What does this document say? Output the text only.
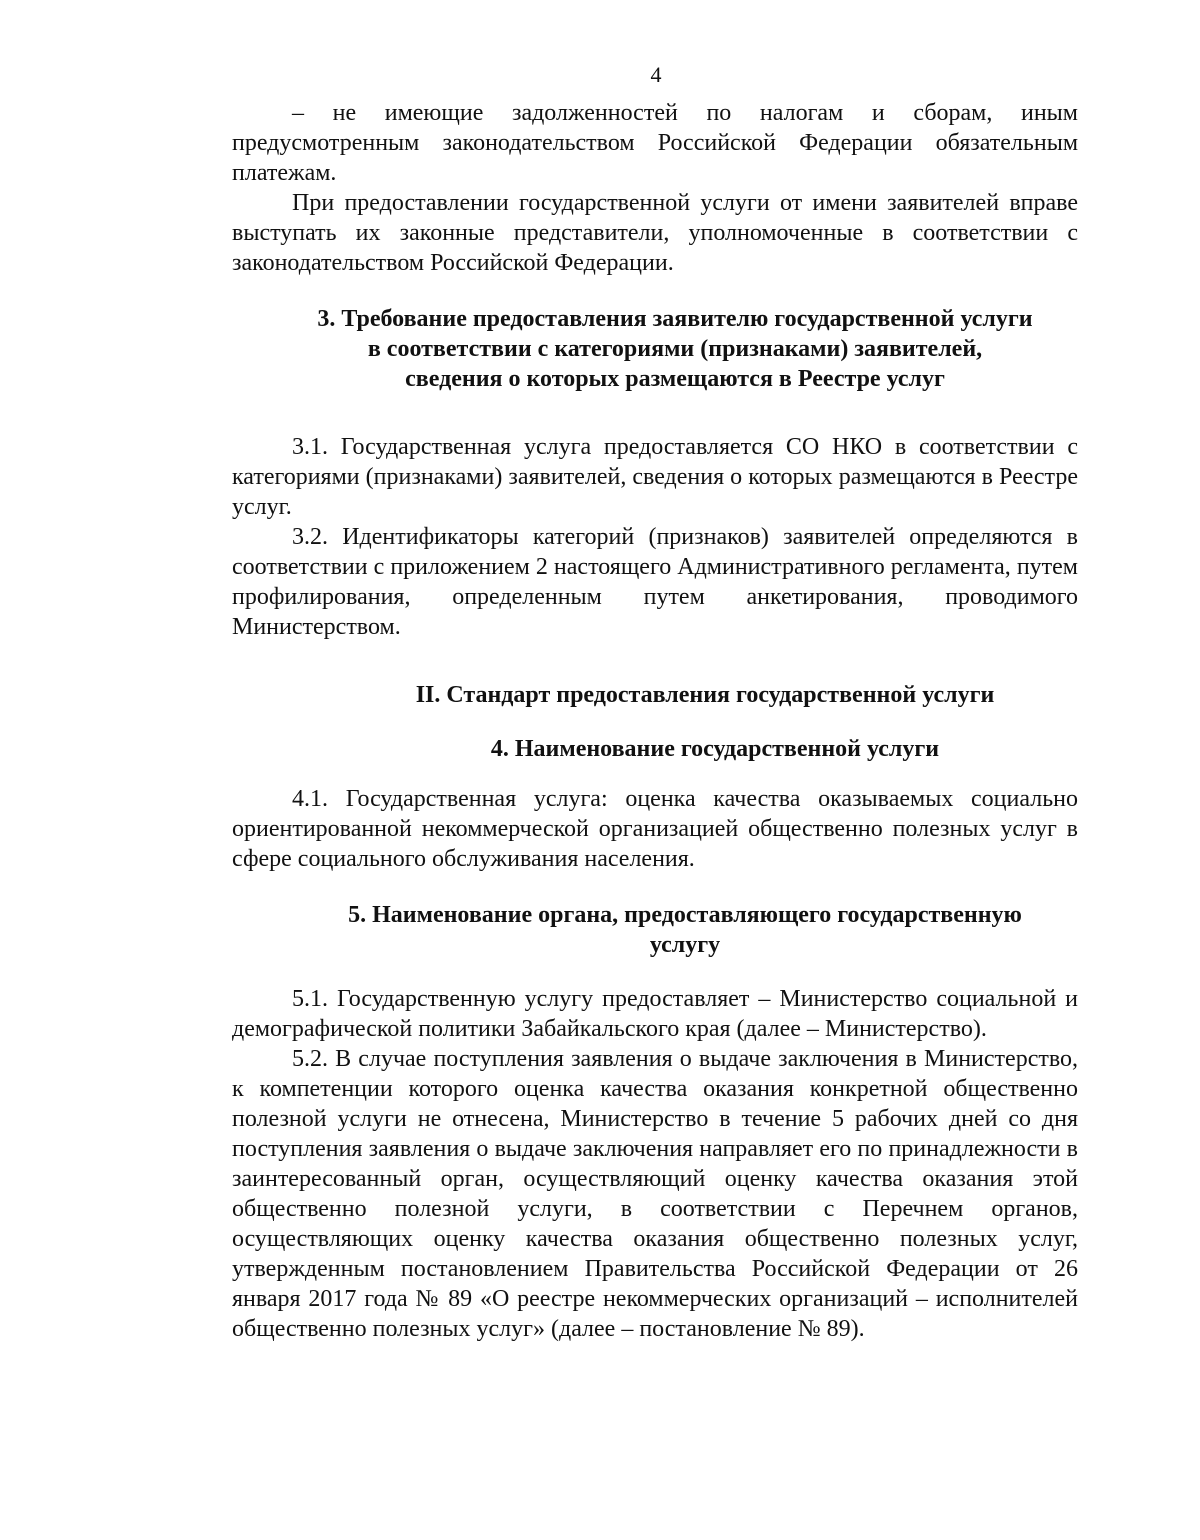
4

– не имеющие задолженностей по налогам и сборам, иным предусмотренным законодательством Российской Федерации обязательным платежам.

При предоставлении государственной услуги от имени заявителей вправе выступать их законные представители, уполномоченные в соответствии с законодательством Российской Федерации.

3. Требование предоставления заявителю государственной услуги
в соответствии с категориями (признаками) заявителей,
сведения о которых размещаются в Реестре услуг

3.1. Государственная услуга предоставляется СО НКО в соответствии с категориями (признаками) заявителей, сведения о которых размещаются в Реестре услуг.

3.2. Идентификаторы категорий (признаков) заявителей определяются в соответствии с приложением 2 настоящего Административного регламента, путем профилирования, определенным путем анкетирования, проводимого Министерством.

II. Стандарт предоставления государственной услуги
4. Наименование государственной услуги

4.1. Государственная услуга: оценка качества оказываемых социально ориентированной некоммерческой организацией общественно полезных услуг в сфере социального обслуживания населения.

5. Наименование органа, предоставляющего государственную
услугу

5.1. Государственную услугу предоставляет – Министерство социальной и демографической политики Забайкальского края (далее – Министерство).

5.2. В случае поступления заявления о выдаче заключения в Министерство, к компетенции которого оценка качества оказания конкретной общественно полезной услуги не отнесена, Министерство в течение 5 рабочих дней со дня поступления заявления о выдаче заключения направляет его по принадлежности в заинтересованный орган, осуществляющий оценку качества оказания этой общественно полезной услуги, в соответствии с Перечнем органов, осуществляющих оценку качества оказания общественно полезных услуг, утвержденным постановлением Правительства Российской Федерации от 26 января 2017 года № 89 «О реестре некоммерческих организаций – исполнителей общественно полезных услуг» (далее – постановление № 89).
